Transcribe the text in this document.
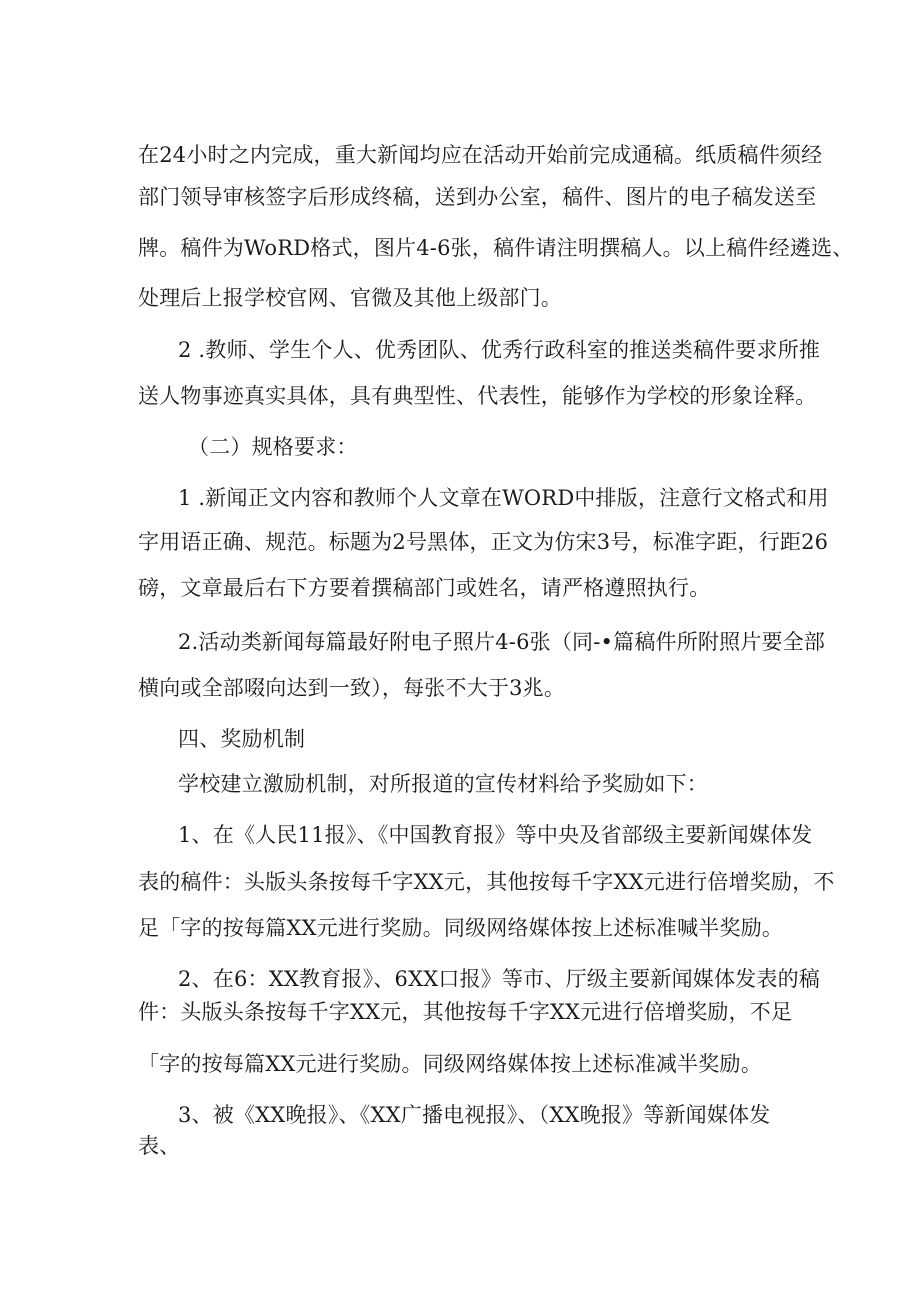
在24小时之内完成，重大新闻均应在活动开始前完成通稿。纸质稿件须经
部门领导审核签字后形成终稿，送到办公室，稿件、图片的电子稿发送至
牌。稿件为WoRD格式，图片4-6张，稿件请注明撰稿人。以上稿件经遴选、
处理后上报学校官网、官微及其他上级部门。
2 .教师、学生个人、优秀团队、优秀行政科室的推送类稿件要求所推
送人物事迹真实具体，具有典型性、代表性，能够作为学校的形象诠释。
（二）规格要求：
1 .新闻正文内容和教师个人文章在WORD中排版，注意行文格式和用
字用语正确、规范。标题为2号黑体，正文为仿宋3号，标准字距，行距26
磅，文章最后右下方要着撰稿部门或姓名，请严格遵照执行。
2.活动类新闻每篇最好附电子照片4-6张（同-•篇稿件所附照片要全部
横向或全部啜向达到一致），每张不大于3兆。
四、奖励机制
学校建立激励机制，对所报道的宣传材料给予奖励如下：
1、在《人民11报》、《中国教育报》等中央及省部级主要新闻媒体发
表的稿件：头版头条按每千字XX元，其他按每千字XX元进行倍增奖励，不
足「字的按每篇XX元进行奖励。同级网络媒体按上述标准喊半奖励。
2、在6：XX教育报》、6XX口报》等市、厅级主要新闻媒体发表的稿
件：头版头条按每千字XX元，其他按每千字XX元进行倍增奖励，不足
「字的按每篇XX元进行奖励。同级网络媒体按上述标准减半奖励。
3、被《XX晚报》、《XX广播电视报》、（XX晚报》等新闻媒体发
表、
